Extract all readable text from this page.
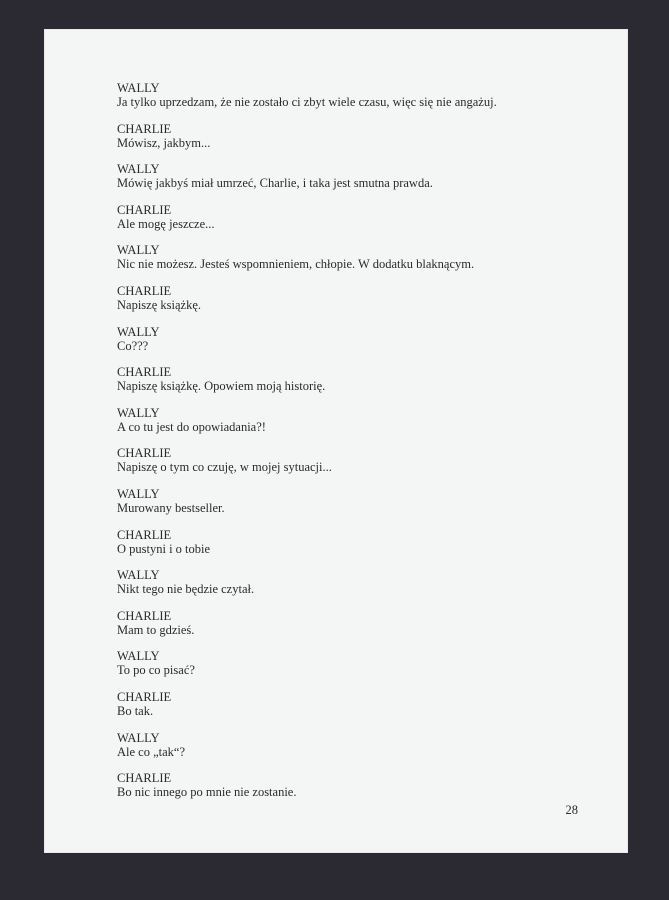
WALLY
Ja tylko uprzedzam, że nie zostało ci zbyt wiele czasu, więc się nie angażuj.
CHARLIE
Mówisz, jakbym...
WALLY
Mówię jakbyś miał umrzeć, Charlie, i taka jest smutna prawda.
CHARLIE
Ale mogę jeszcze...
WALLY
Nic nie możesz. Jesteś wspomnieniem, chłopie. W dodatku blaknącym.
CHARLIE
Napiszę książkę.
WALLY
Co???
CHARLIE
Napiszę książkę. Opowiem moją historię.
WALLY
A co tu jest do opowiadania?!
CHARLIE
Napiszę o tym co czuję, w mojej sytuacji...
WALLY
Murowany bestseller.
CHARLIE
O pustyni i o tobie
WALLY
Nikt tego nie będzie czytał.
CHARLIE
Mam to gdzieś.
WALLY
To po co pisać?
CHARLIE
Bo tak.
WALLY
Ale co „tak“?
CHARLIE
Bo nic innego po mnie nie zostanie.
28
